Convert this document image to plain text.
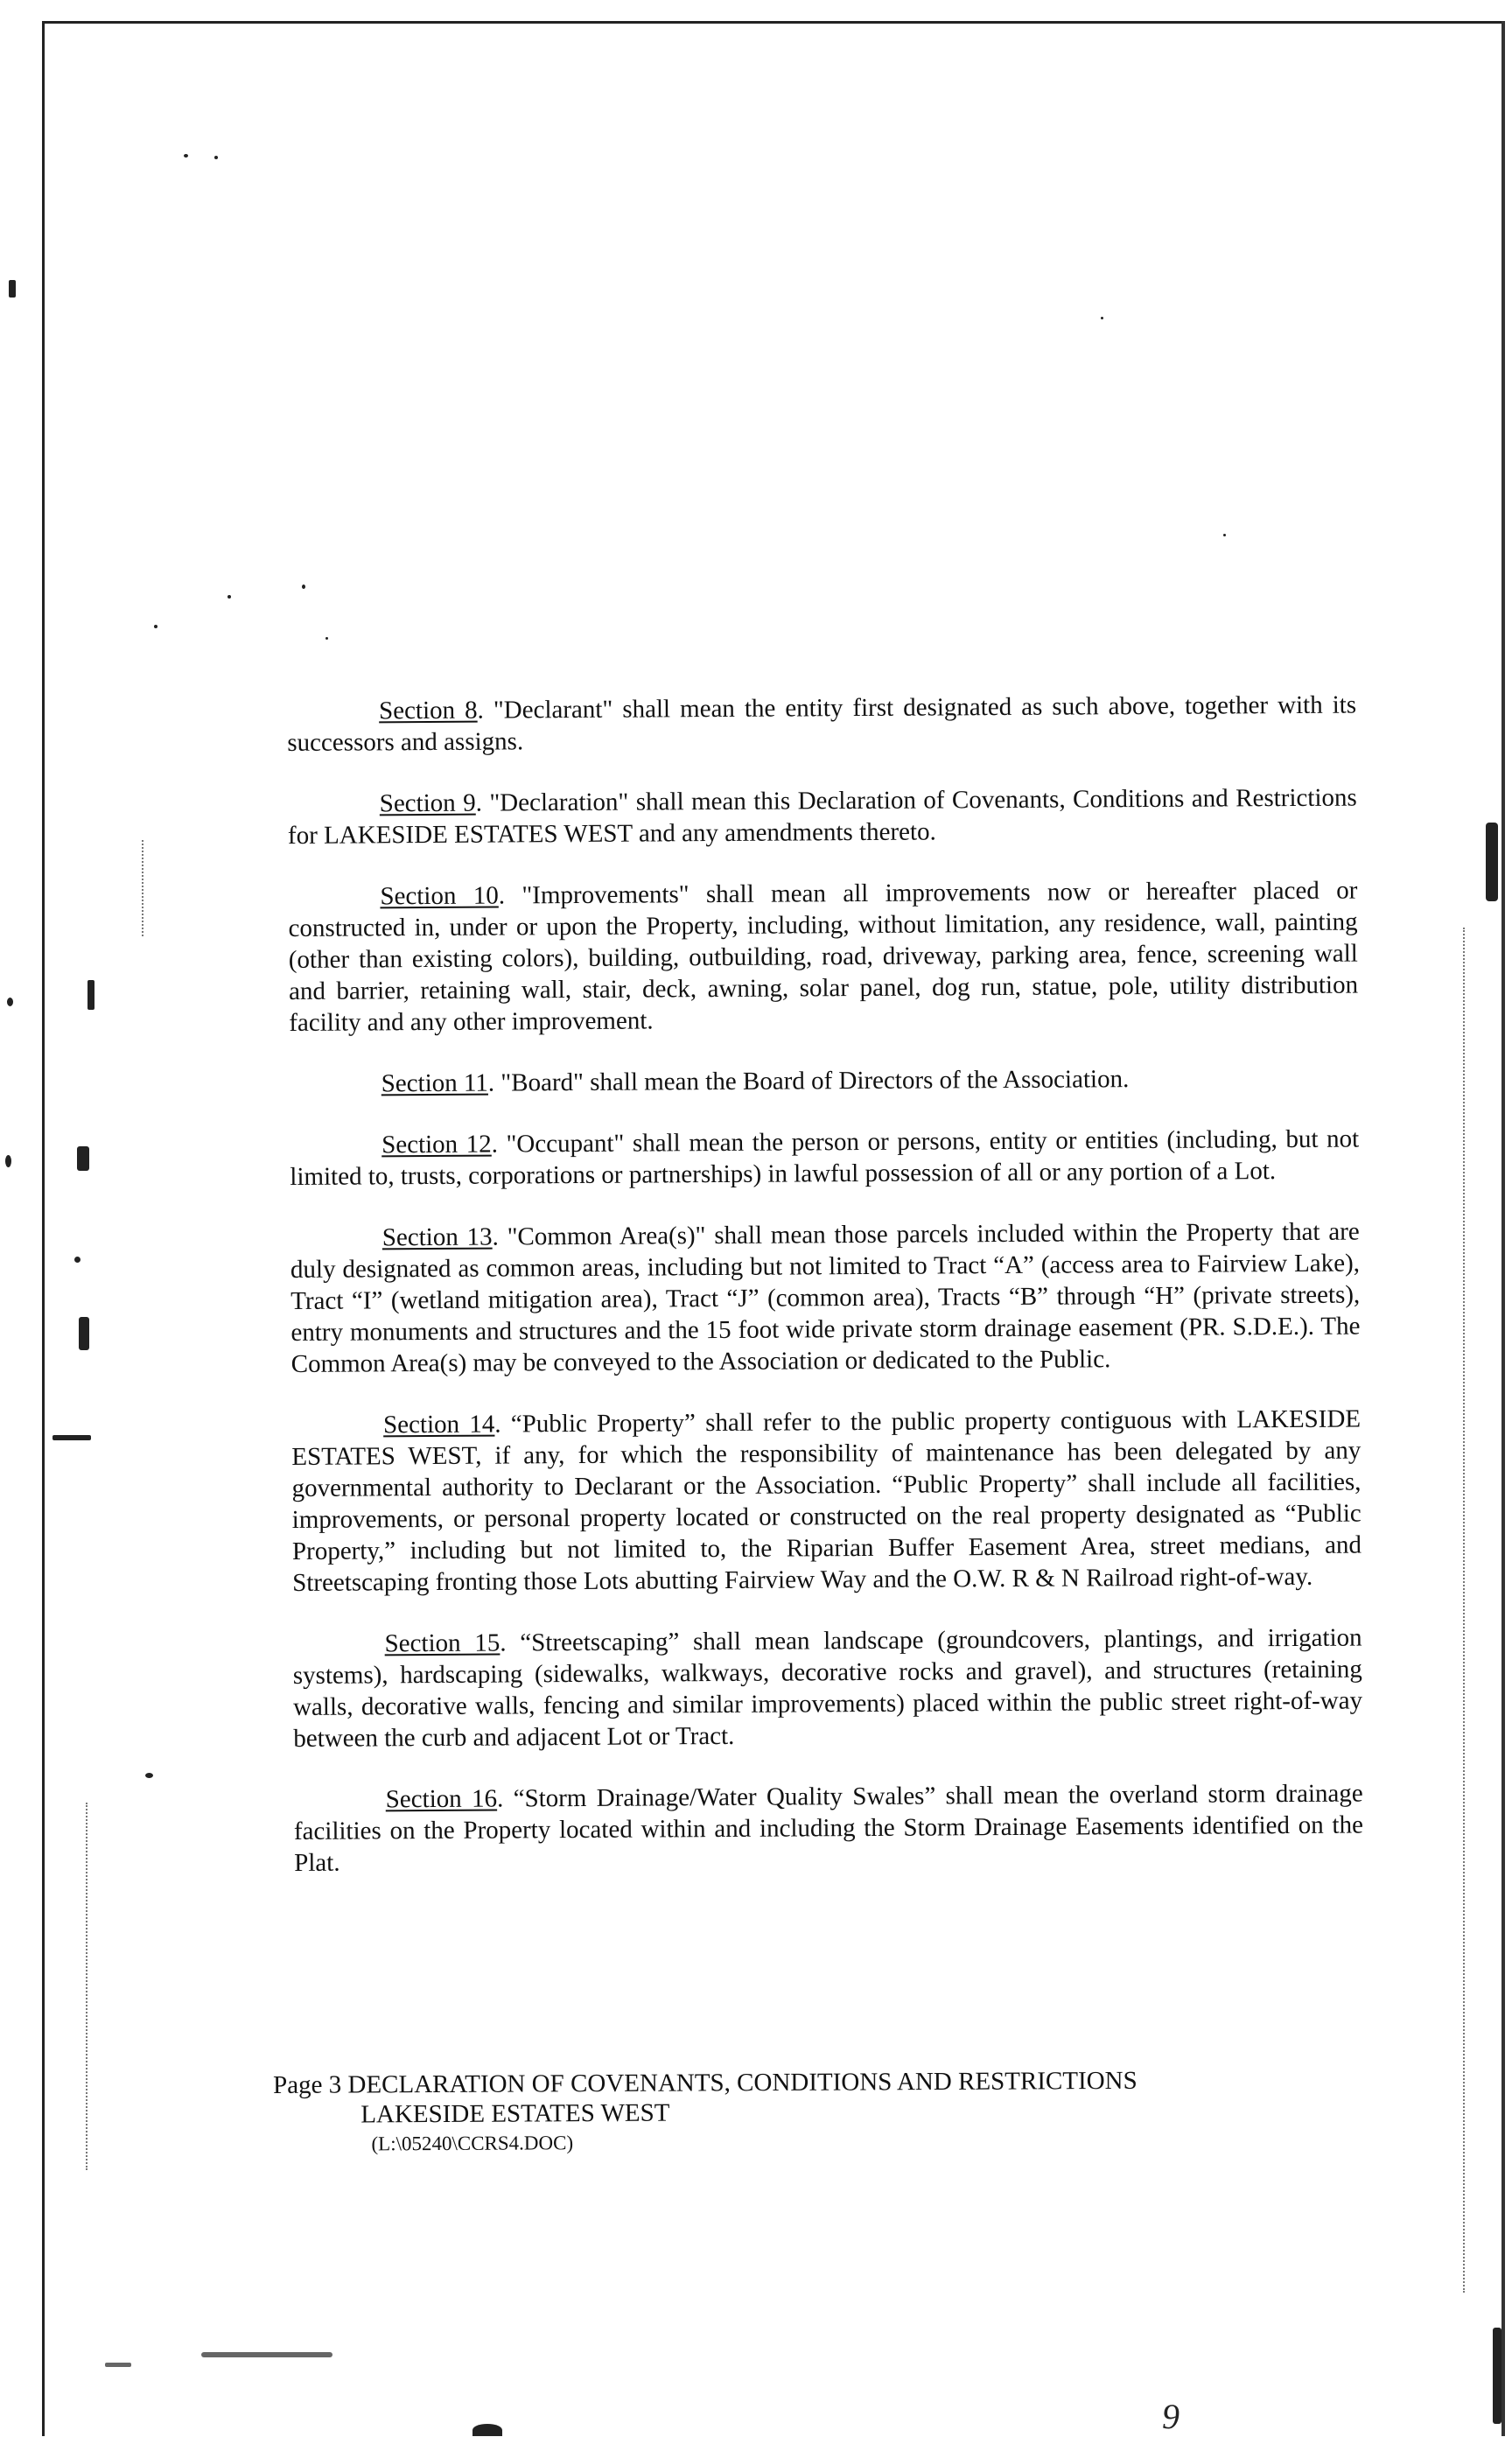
Section 8. "Declarant" shall mean the entity first designated as such above, together with its successors and assigns.

Section 9. "Declaration" shall mean this Declaration of Covenants, Conditions and Restrictions for LAKESIDE ESTATES WEST and any amendments thereto.

Section 10. "Improvements" shall mean all improvements now or hereafter placed or constructed in, under or upon the Property, including, without limitation, any residence, wall, painting (other than existing colors), building, outbuilding, road, driveway, parking area, fence, screening wall and barrier, retaining wall, stair, deck, awning, solar panel, dog run, statue, pole, utility distribution facility and any other improvement.

Section 11. "Board" shall mean the Board of Directors of the Association.

Section 12. "Occupant" shall mean the person or persons, entity or entities (including, but not limited to, trusts, corporations or partnerships) in lawful possession of all or any portion of a Lot.

Section 13. "Common Area(s)" shall mean those parcels included within the Property that are duly designated as common areas, including but not limited to Tract “A” (access area to Fairview Lake), Tract “I” (wetland mitigation area), Tract “J” (common area), Tracts “B” through “H” (private streets), entry monuments and structures and the 15 foot wide private storm drainage easement (PR. S.D.E.). The Common Area(s) may be conveyed to the Association or dedicated to the Public.

Section 14. “Public Property” shall refer to the public property contiguous with LAKESIDE ESTATES WEST, if any, for which the responsibility of maintenance has been delegated by any governmental authority to Declarant or the Association. “Public Property” shall include all facilities, improvements, or personal property located or constructed on the real property designated as “Public Property,” including but not limited to, the Riparian Buffer Easement Area, street medians, and Streetscaping fronting those Lots abutting Fairview Way and the O.W. R & N Railroad right-of-way.

Section 15. “Streetscaping” shall mean landscape (groundcovers, plantings, and irrigation systems), hardscaping (sidewalks, walkways, decorative rocks and gravel), and structures (retaining walls, decorative walls, fencing and similar improvements) placed within the public street right-of-way between the curb and adjacent Lot or Tract.

Section 16. “Storm Drainage/Water Quality Swales” shall mean the overland storm drainage facilities on the Property located within and including the Storm Drainage Easements identified on the Plat.

Page 3 DECLARATION OF COVENANTS, CONDITIONS AND RESTRICTIONS
LAKESIDE ESTATES WEST
(L:\05240\CCRS4.DOC)
9
